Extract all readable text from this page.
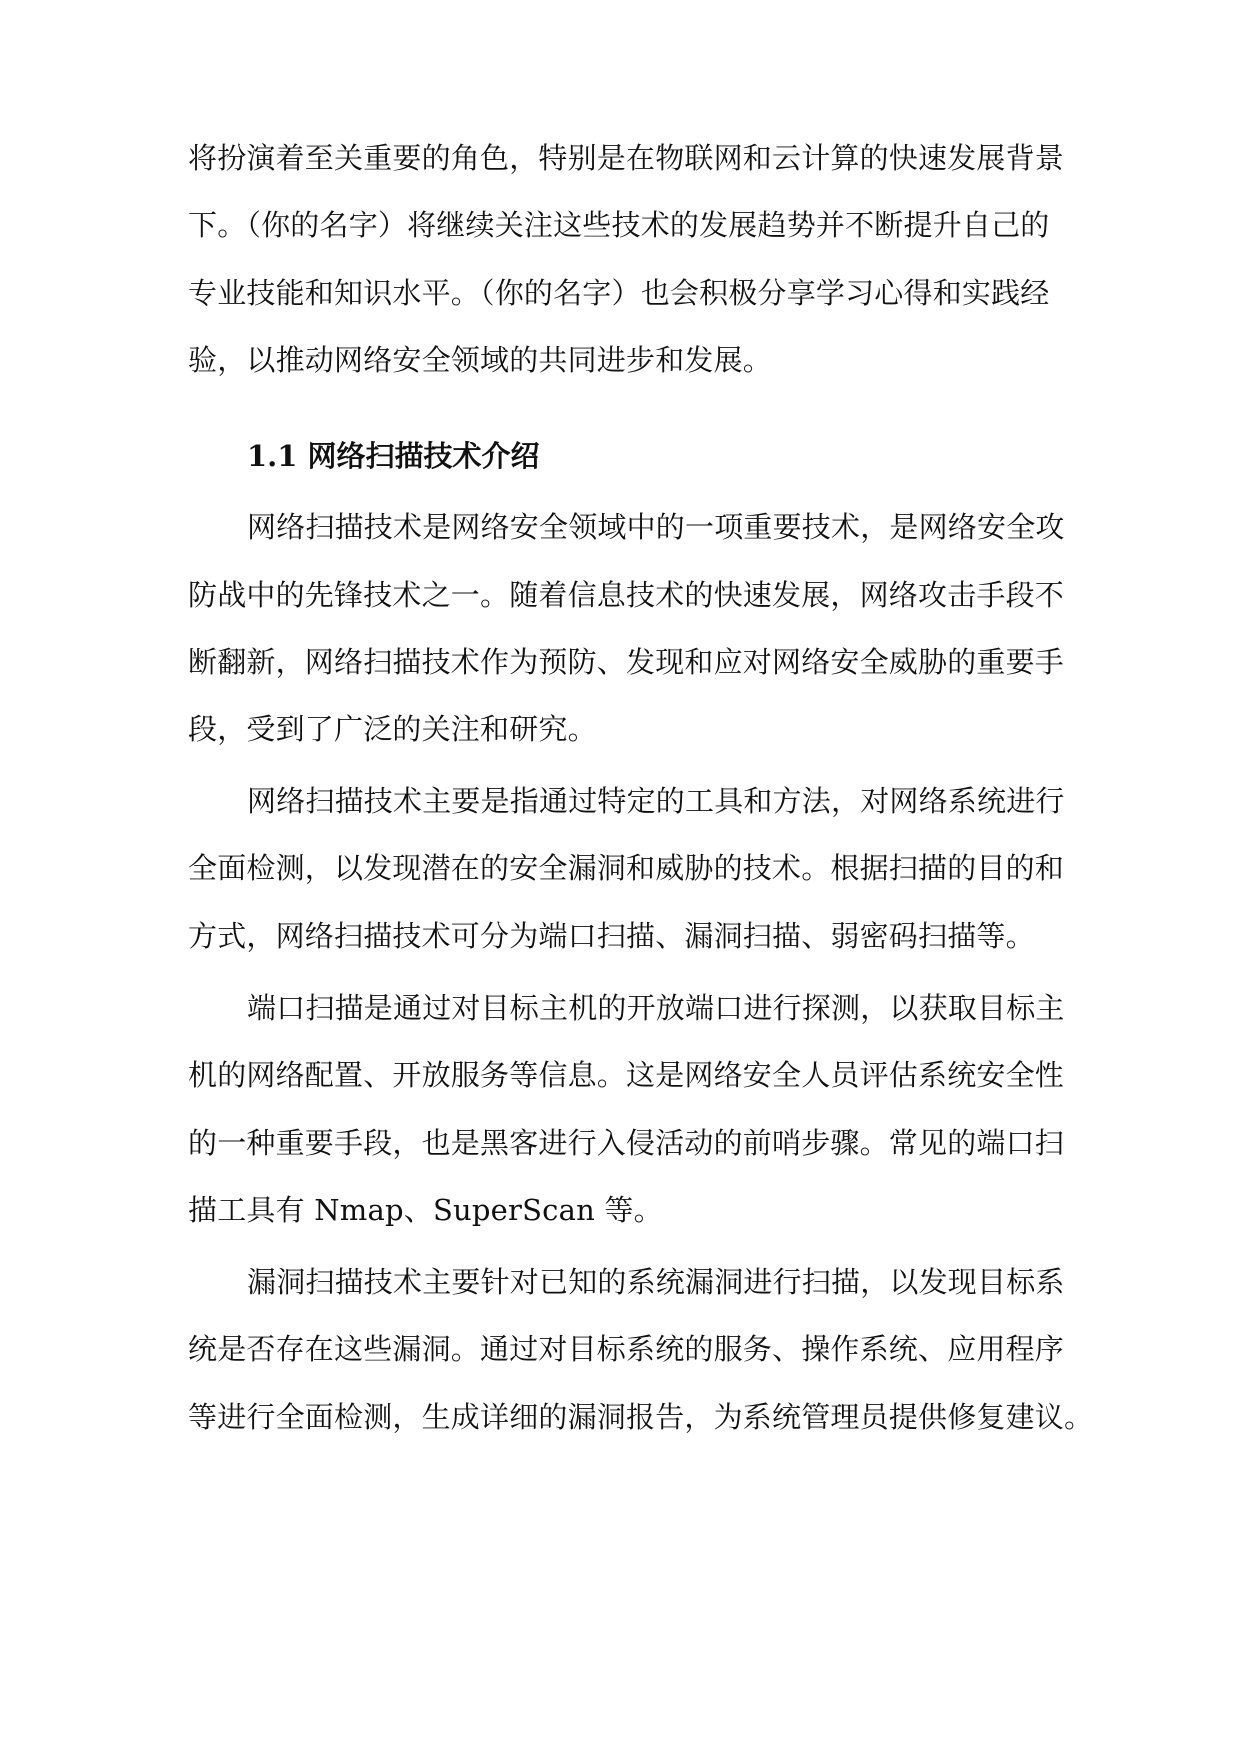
将扮演着至关重要的角色，特别是在物联网和云计算的快速发展背景
下。（你的名字）将继续关注这些技术的发展趋势并不断提升自己的
专业技能和知识水平。（你的名字）也会积极分享学习心得和实践经
验，以推动网络安全领域的共同进步和发展。
1.1 网络扫描技术介绍
网络扫描技术是网络安全领域中的一项重要技术，是网络安全攻
防战中的先锋技术之一。随着信息技术的快速发展，网络攻击手段不
断翻新，网络扫描技术作为预防、发现和应对网络安全威胁的重要手
段，受到了广泛的关注和研究。
网络扫描技术主要是指通过特定的工具和方法，对网络系统进行
全面检测，以发现潜在的安全漏洞和威胁的技术。根据扫描的目的和
方式，网络扫描技术可分为端口扫描、漏洞扫描、弱密码扫描等。
端口扫描是通过对目标主机的开放端口进行探测，以获取目标主
机的网络配置、开放服务等信息。这是网络安全人员评估系统安全性
的一种重要手段，也是黑客进行入侵活动的前哨步骤。常见的端口扫
描工具有 Nmap、SuperScan 等。
漏洞扫描技术主要针对已知的系统漏洞进行扫描，以发现目标系
统是否存在这些漏洞。通过对目标系统的服务、操作系统、应用程序
等进行全面检测，生成详细的漏洞报告，为系统管理员提供修复建议。
